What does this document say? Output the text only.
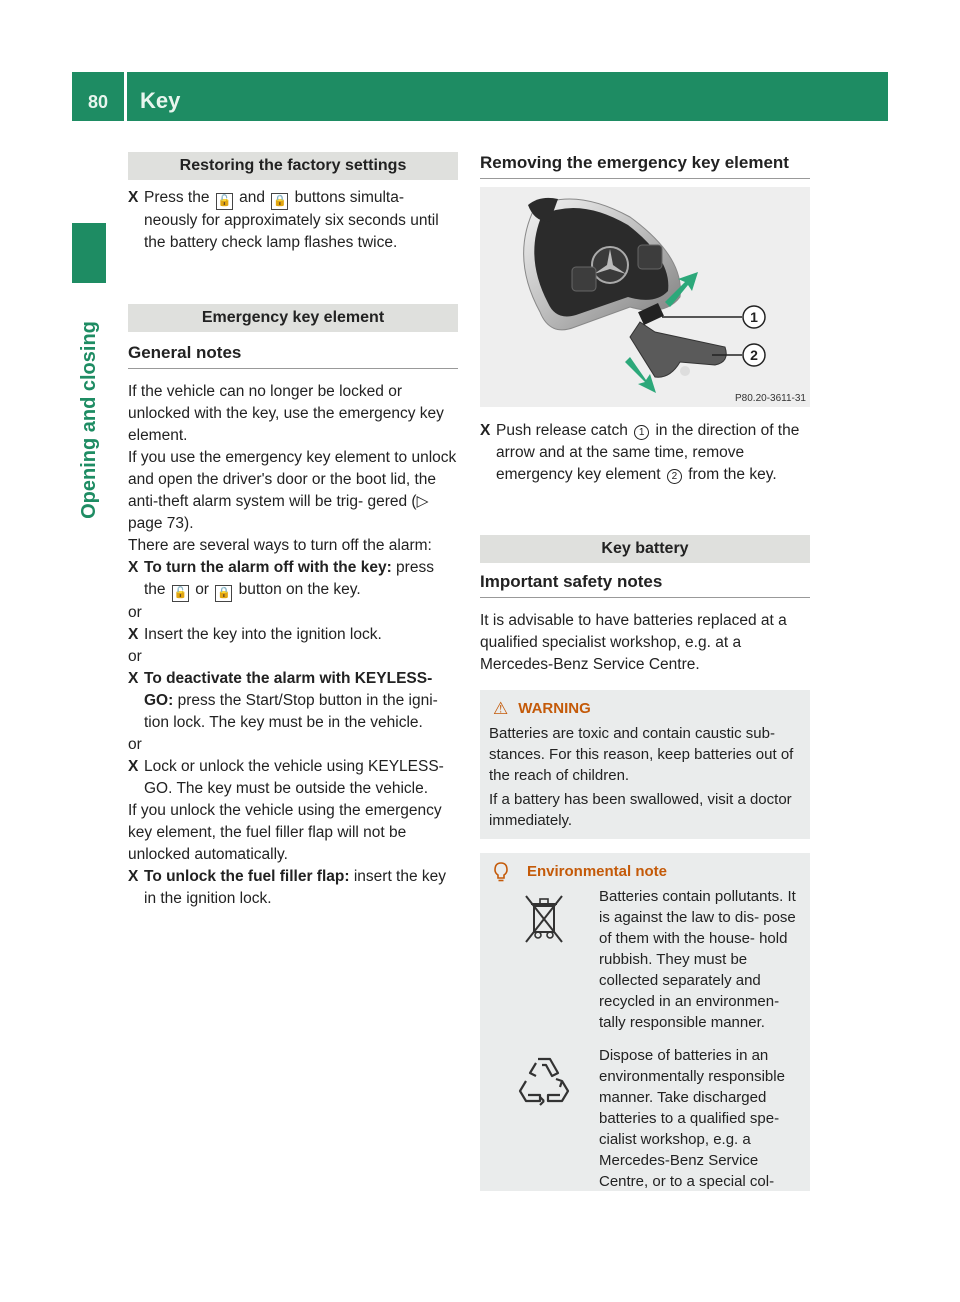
80 Key
Opening and closing
Restoring the factory settings
X Press the 🔓 and 🔒 buttons simulta- neously for approximately six seconds until the battery check lamp flashes twice.
Emergency key element
General notes

If the vehicle can no longer be locked or unlocked with the key, use the emergency key element.

If you use the emergency key element to unlock and open the driver's door or the boot lid, the anti-theft alarm system will be trig- gered (▷ page 73).

There are several ways to turn off the alarm:

X To turn the alarm off with the key: press the 🔓 or 🔒 button on the key.

or

X Insert the key into the ignition lock.

or

X To deactivate the alarm with KEYLESS- GO: press the Start/Stop button in the igni- tion lock. The key must be in the vehicle.

or

X Lock or unlock the vehicle using KEYLESS- GO. The key must be outside the vehicle.

If you unlock the vehicle using the emergency key element, the fuel filler flap will not be unlocked automatically.

X To unlock the fuel filler flap: insert the key in the ignition lock.
Removing the emergency key element
1
2
P80.20-3611-31
X Push release catch 1 in the direction of the arrow and at the same time, remove emergency key element 2 from the key.
Key battery
Important safety notes

It is advisable to have batteries replaced at a qualified specialist workshop, e.g. at a Mercedes-Benz Service Centre.

⚠ WARNING

Batteries are toxic and contain caustic sub- stances. For this reason, keep batteries out of the reach of children.

If a battery has been swallowed, visit a doctor immediately.

Environmental note

Batteries contain pollutants. It is against the law to dis- pose of them with the house- hold rubbish. They must be collected separately and recycled in an environmen- tally responsible manner.

Dispose of batteries in an environmentally responsible manner. Take discharged batteries to a qualified spe- cialist workshop, e.g. a Mercedes-Benz Service Centre, or to a special col-
